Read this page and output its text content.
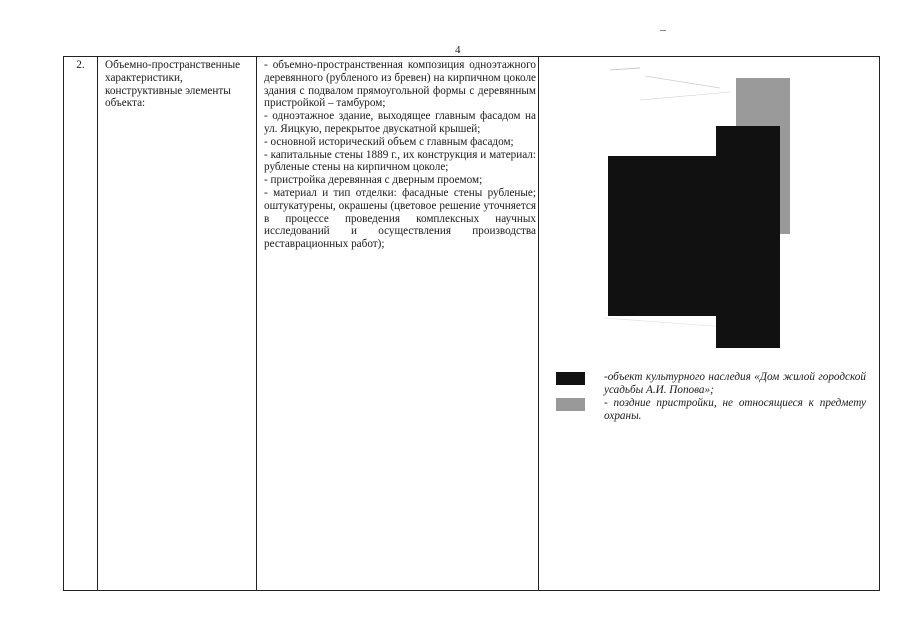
4
2.	Объемно-пространственные характеристики, конструктивные элементы объекта:

- объемно-пространственная композиция одноэтажного деревянного (рубленого из бревен) на кирпичном цоколе здания с подвалом прямоугольной формы с деревянным пристройкой – тамбуром;

- одноэтажное здание, выходящее главным фасадом на ул. Яицкую, перекрытое двускатной крышей;

- основной исторический объем с главным фасадом;

- капитальные стены 1889 г., их конструкция и материал: рубленые стены на кирпичном цоколе;

- пристройка деревянная с дверным проемом;

- материал и тип отделки: фасадные стены рубленые; оштукатурены, окрашены (цветовое решение уточняется в процессе проведения комплексных научных исследований и осуществления производства реставрационных работ);

-объект культурного наследия «Дом жилой городской усадьбы А.И. Попова»;
- поздние пристройки, не относящиеся к предмету охраны.
